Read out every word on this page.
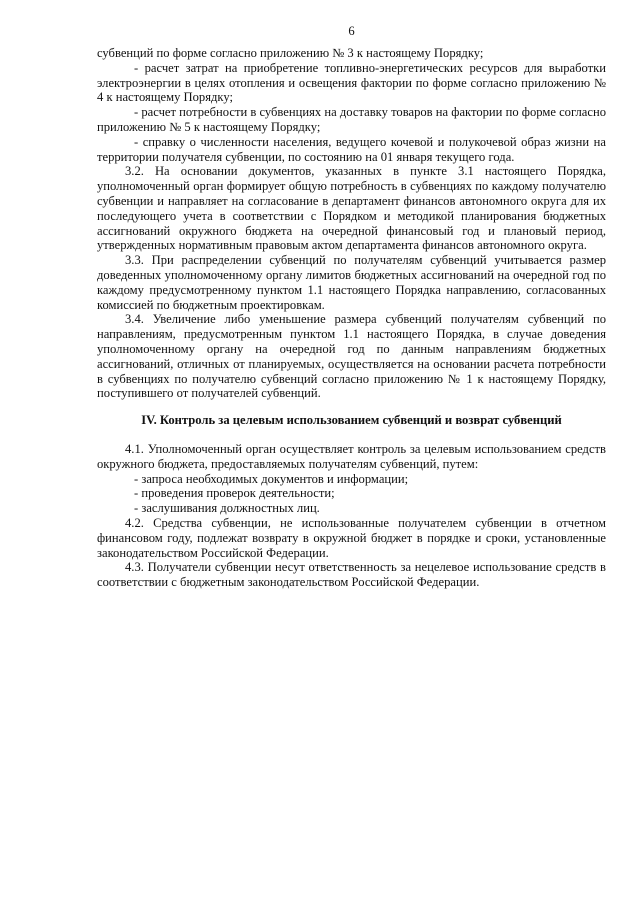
6

субвенций по форме согласно приложению № 3 к настоящему Порядку;

- расчет затрат на приобретение топливно-энергетических ресурсов для выработки электроэнергии в целях отопления и освещения фактории по форме согласно приложению № 4 к настоящему Порядку;

- расчет потребности в субвенциях на доставку товаров на фактории по форме согласно приложению № 5 к настоящему Порядку;

- справку о численности населения, ведущего кочевой и полукочевой образ жизни на территории получателя субвенции, по состоянию на 01 января текущего года.

3.2. На основании документов, указанных в пункте 3.1 настоящего Порядка, уполномоченный орган формирует общую потребность в субвенциях по каждому получателю субвенции и направляет на согласование в департамент финансов автономного округа для их последующего учета в соответствии с Порядком и методикой планирования бюджетных ассигнований окружного бюджета на очередной финансовый год и плановый период, утвержденных нормативным правовым актом департамента финансов автономного округа.

3.3. При распределении субвенций по получателям субвенций учитывается размер доведенных уполномоченному органу лимитов бюджетных ассигнований на очередной год по каждому предусмотренному пунктом 1.1 настоящего Порядка направлению, согласованных комиссией по бюджетным проектировкам.

3.4. Увеличение либо уменьшение размера субвенций получателям субвенций по направлениям, предусмотренным пунктом 1.1 настоящего Порядка, в случае доведения уполномоченному органу на очередной год по данным направлениям бюджетных ассигнований, отличных от планируемых, осуществляется на основании расчета потребности в субвенциях по получателю субвенций согласно приложению № 1 к настоящему Порядку, поступившего от получателей субвенций.

IV. Контроль за целевым использованием субвенций и возврат субвенций

4.1. Уполномоченный орган осуществляет контроль за целевым использованием средств окружного бюджета, предоставляемых получателям субвенций, путем:

- запроса необходимых документов и информации;

- проведения проверок деятельности;

- заслушивания должностных лиц.

4.2. Средства субвенции, не использованные получателем субвенции в отчетном финансовом году, подлежат возврату в окружной бюджет в порядке и сроки, установленные законодательством Российской Федерации.

4.3. Получатели субвенции несут ответственность за нецелевое использование средств в соответствии с бюджетным законодательством Российской Федерации.
